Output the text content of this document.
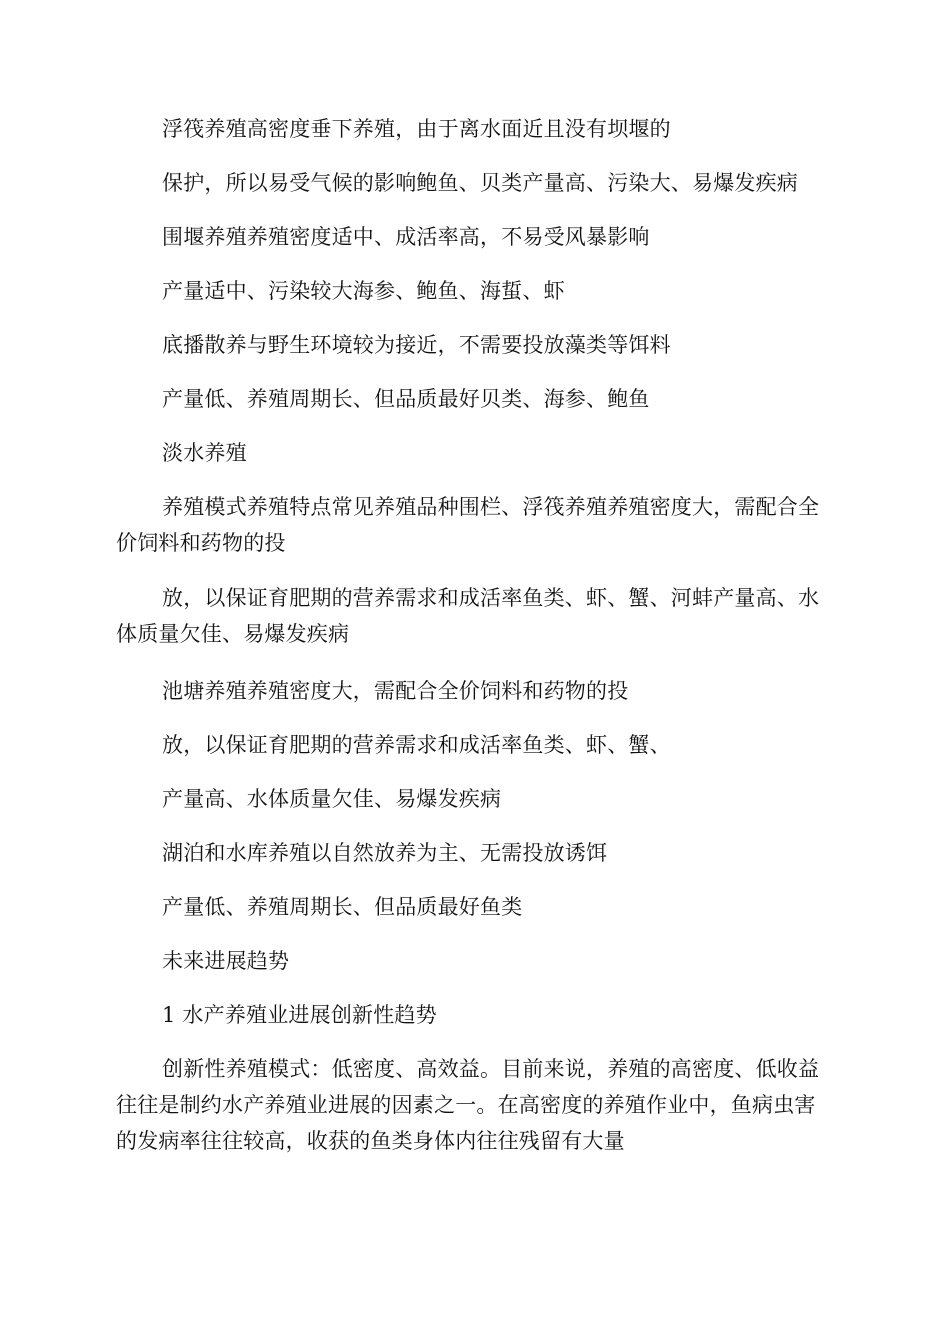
浮筏养殖高密度垂下养殖，由于离水面近且没有坝堰的

保护，所以易受气候的影响鲍鱼、贝类产量高、污染大、易爆发疾病

围堰养殖养殖密度适中、成活率高，不易受风暴影响

产量适中、污染较大海参、鲍鱼、海蜇、虾

底播散养与野生环境较为接近，不需要投放藻类等饵料

产量低、养殖周期长、但品质最好贝类、海参、鲍鱼

淡水养殖

养殖模式养殖特点常见养殖品种围栏、浮筏养殖养殖密度大，需配合全价饲料和药物的投

放，以保证育肥期的营养需求和成活率鱼类、虾、蟹、河蚌产量高、水体质量欠佳、易爆发疾病

池塘养殖养殖密度大，需配合全价饲料和药物的投

放，以保证育肥期的营养需求和成活率鱼类、虾、蟹、

产量高、水体质量欠佳、易爆发疾病

湖泊和水库养殖以自然放养为主、无需投放诱饵

产量低、养殖周期长、但品质最好鱼类

未来进展趋势

1 水产养殖业进展创新性趋势

创新性养殖模式：低密度、高效益。目前来说，养殖的高密度、低收益往往是制约水产养殖业进展的因素之一。在高密度的养殖作业中，鱼病虫害的发病率往往较高，收获的鱼类身体内往往残留有大量
